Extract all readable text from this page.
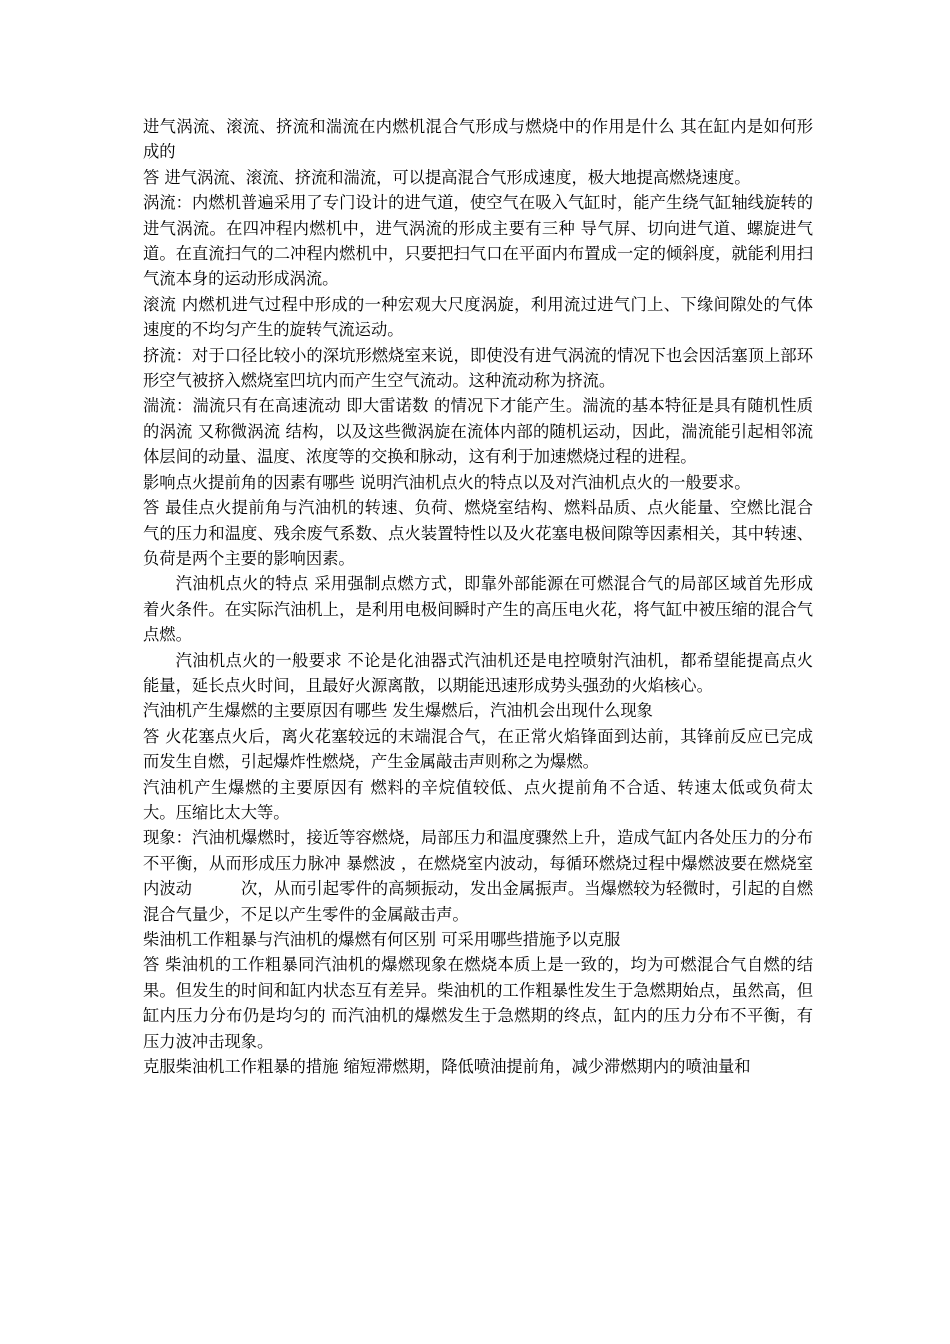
进气涡流、滚流、挤流和湍流在内燃机混合气形成与燃烧中的作用是什么 其在缸内是如何形成的

答 进气涡流、滚流、挤流和湍流，可以提高混合气形成速度，极大地提高燃烧速度。

涡流：内燃机普遍采用了专门设计的进气道，使空气在吸入气缸时，能产生绕气缸轴线旋转的进气涡流。在四冲程内燃机中，进气涡流的形成主要有三种 导气屏、切向进气道、螺旋进气道。在直流扫气的二冲程内燃机中，只要把扫气口在平面内布置成一定的倾斜度，就能利用扫气流本身的运动形成涡流。

滚流 内燃机进气过程中形成的一种宏观大尺度涡旋，利用流过进气门上、下缘间隙处的气体速度的不均匀产生的旋转气流运动。

挤流：对于口径比较小的深坑形燃烧室来说，即使没有进气涡流的情况下也会因活塞顶上部环形空气被挤入燃烧室凹坑内而产生空气流动。这种流动称为挤流。

湍流：湍流只有在高速流动 即大雷诺数 的情况下才能产生。湍流的基本特征是具有随机性质的涡流 又称微涡流 结构，以及这些微涡旋在流体内部的随机运动，因此，湍流能引起相邻流体层间的动量、温度、浓度等的交换和脉动，这有利于加速燃烧过程的进程。

影响点火提前角的因素有哪些 说明汽油机点火的特点以及对汽油机点火的一般要求。

答 最佳点火提前角与汽油机的转速、负荷、燃烧室结构、燃料品质、点火能量、空燃比混合气的压力和温度、残余废气系数、点火装置特性以及火花塞电极间隙等因素相关，其中转速、负荷是两个主要的影响因素。

汽油机点火的特点 采用强制点燃方式，即靠外部能源在可燃混合气的局部区域首先形成着火条件。在实际汽油机上，是利用电极间瞬时产生的高压电火花，将气缸中被压缩的混合气点燃。

汽油机点火的一般要求 不论是化油器式汽油机还是电控喷射汽油机，都希望能提高点火能量，延长点火时间，且最好火源离散，以期能迅速形成势头强劲的火焰核心。

汽油机产生爆燃的主要原因有哪些 发生爆燃后，汽油机会出现什么现象

答 火花塞点火后，离火花塞较远的末端混合气，在正常火焰锋面到达前，其锋前反应已完成而发生自燃，引起爆炸性燃烧，产生金属敲击声则称之为爆燃。

汽油机产生爆燃的主要原因有 燃料的辛烷值较低、点火提前角不合适、转速太低或负荷太大。压缩比太大等。

现象：汽油机爆燃时，接近等容燃烧，局部压力和温度骤然上升，造成气缸内各处压力的分布不平衡，从而形成压力脉冲 暴燃波 ，在燃烧室内波动，每循环燃烧过程中爆燃波要在燃烧室内波动　　　次，从而引起零件的高频振动，发出金属振声。当爆燃较为轻微时，引起的自燃混合气量少，不足以产生零件的金属敲击声。

柴油机工作粗暴与汽油机的爆燃有何区别 可采用哪些措施予以克服

答 柴油机的工作粗暴同汽油机的爆燃现象在燃烧本质上是一致的，均为可燃混合气自燃的结果。但发生的时间和缸内状态互有差异。柴油机的工作粗暴性发生于急燃期始点，虽然高，但缸内压力分布仍是均匀的 而汽油机的爆燃发生于急燃期的终点，缸内的压力分布不平衡，有压力波冲击现象。

克服柴油机工作粗暴的措施 缩短滞燃期，降低喷油提前角，减少滞燃期内的喷油量和
